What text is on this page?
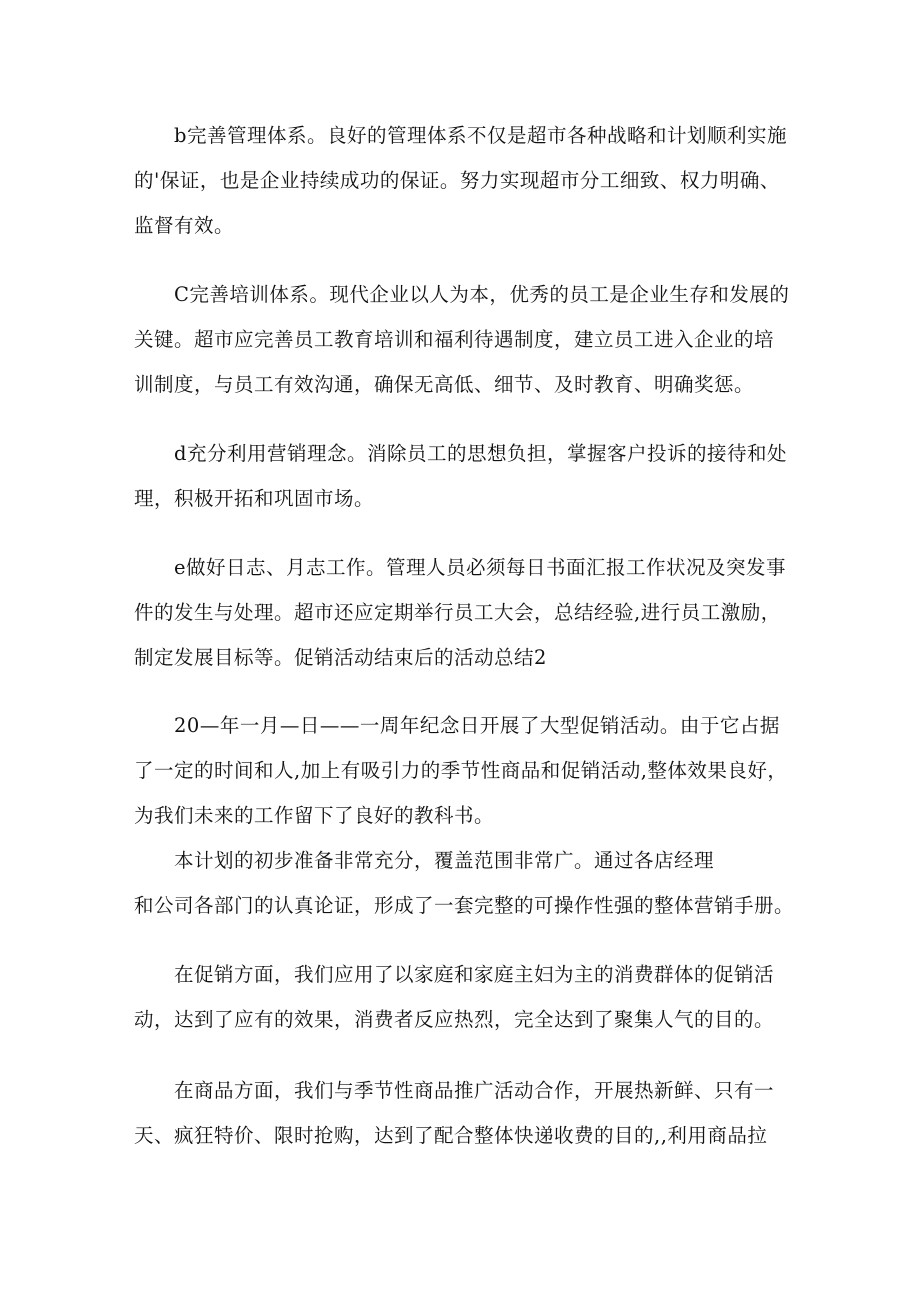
b完善管理体系。良好的管理体系不仅是超市各种战略和计划顺利实施
的'保证，也是企业持续成功的保证。努力实现超市分工细致、权力明确、
监督有效。
C完善培训体系。现代企业以人为本，优秀的员工是企业生存和发展的
关键。超市应完善员工教育培训和福利待遇制度，建立员工进入企业的培
训制度，与员工有效沟通，确保无高低、细节、及时教育、明确奖惩。
d充分利用营销理念。消除员工的思想负担，掌握客户投诉的接待和处
理，积极开拓和巩固市场。
e做好日志、月志工作。管理人员必须每日书面汇报工作状况及突发事
件的发生与处理。超市还应定期举行员工大会，总结经验,进行员工激励，
制定发展目标等。促销活动结束后的活动总结2
20—年一月—日——一周年纪念日开展了大型促销活动。由于它占据
了一定的时间和人,加上有吸引力的季节性商品和促销活动,整体效果良好，
为我们未来的工作留下了良好的教科书。
本计划的初步准备非常充分，覆盖范围非常广。通过各店经理
和公司各部门的认真论证，形成了一套完整的可操作性强的整体营销手册。
在促销方面，我们应用了以家庭和家庭主妇为主的消费群体的促销活
动，达到了应有的效果，消费者反应热烈，完全达到了聚集人气的目的。
在商品方面，我们与季节性商品推广活动合作，开展热新鲜、只有一
天、疯狂特价、限时抢购，达到了配合整体快递收费的目的,,利用商品拉
